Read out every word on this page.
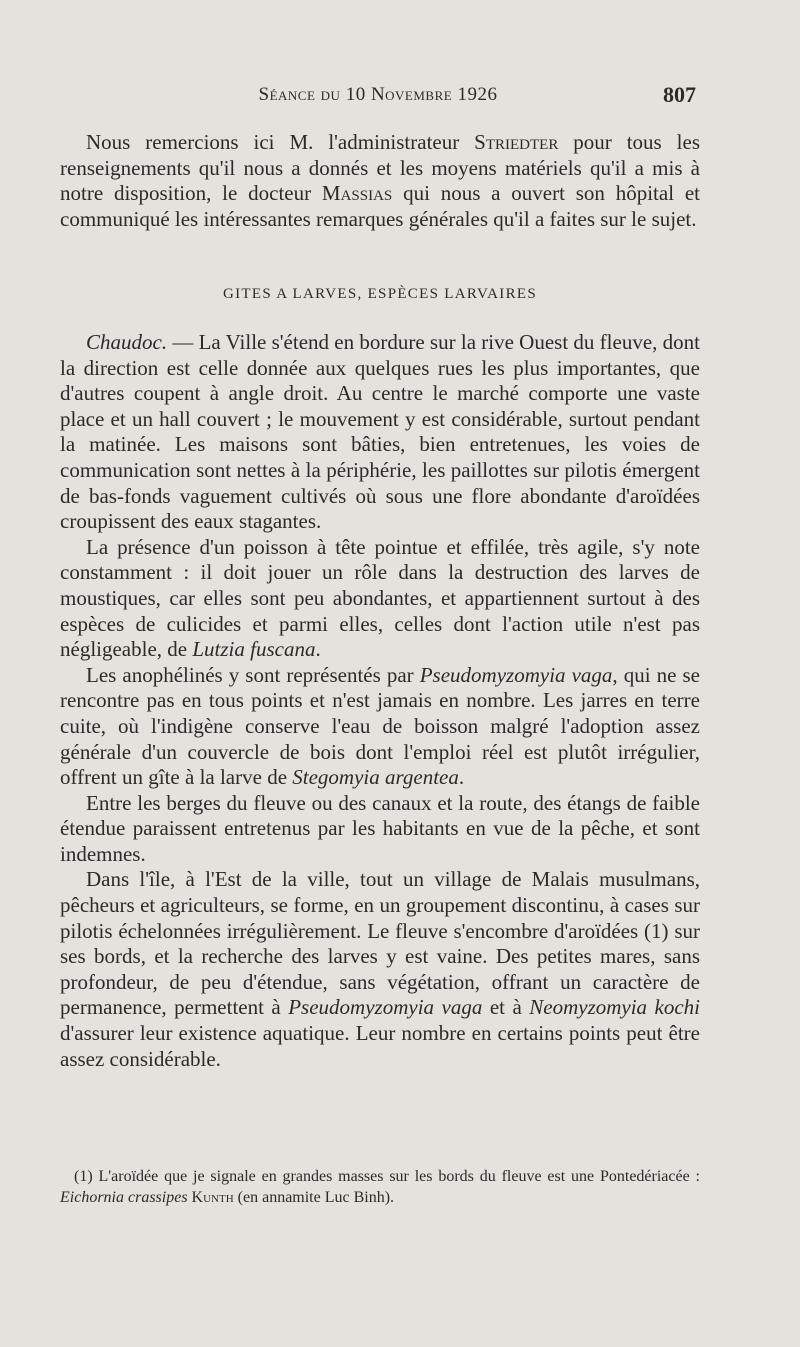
Séance du 10 Novembre 1926	807

Nous remercions ici M. l'administrateur Striedter pour tous les renseignements qu'il nous a donnés et les moyens matériels qu'il a mis à notre disposition, le docteur Massias qui nous a ouvert son hôpital et communiqué les intéressantes remarques générales qu'il a faites sur le sujet.

GITES A LARVES, ESPÈCES LARVAIRES

Chaudoc. — La Ville s'étend en bordure sur la rive Ouest du fleuve, dont la direction est celle donnée aux quelques rues les plus importantes, que d'autres coupent à angle droit. Au centre le marché comporte une vaste place et un hall couvert ; le mouvement y est considérable, surtout pendant la matinée. Les maisons sont bâties, bien entretenues, les voies de communication sont nettes à la périphérie, les paillottes sur pilotis émergent de bas-fonds vaguement cultivés où sous une flore abondante d'aroïdées croupissent des eaux stagantes.

La présence d'un poisson à tête pointue et effilée, très agile, s'y note constamment : il doit jouer un rôle dans la destruction des larves de moustiques, car elles sont peu abondantes, et appartiennent surtout à des espèces de culicides et parmi elles, celles dont l'action utile n'est pas négligeable, de Lutzia fuscana.

Les anophélinés y sont représentés par Pseudomyzomyia vaga, qui ne se rencontre pas en tous points et n'est jamais en nombre. Les jarres en terre cuite, où l'indigène conserve l'eau de boisson malgré l'adoption assez générale d'un couvercle de bois dont l'emploi réel est plutôt irrégulier, offrent un gîte à la larve de Stegomyia argentea.

Entre les berges du fleuve ou des canaux et la route, des étangs de faible étendue paraissent entretenus par les habitants en vue de la pêche, et sont indemnes.

Dans l'île, à l'Est de la ville, tout un village de Malais musulmans, pêcheurs et agriculteurs, se forme, en un groupement discontinu, à cases sur pilotis échelonnées irrégulièrement. Le fleuve s'encombre d'aroïdées (1) sur ses bords, et la recherche des larves y est vaine. Des petites mares, sans profondeur, de peu d'étendue, sans végétation, offrant un caractère de permanence, permettent à Pseudomyzomyia vaga et à Neomyzomyia kochi d'assurer leur existence aquatique. Leur nombre en certains points peut être assez considérable.

(1) L'aroïdée que je signale en grandes masses sur les bords du fleuve est une Pontedériacée : Eichornia crassipes Kunth (en annamite Luc Binh).
